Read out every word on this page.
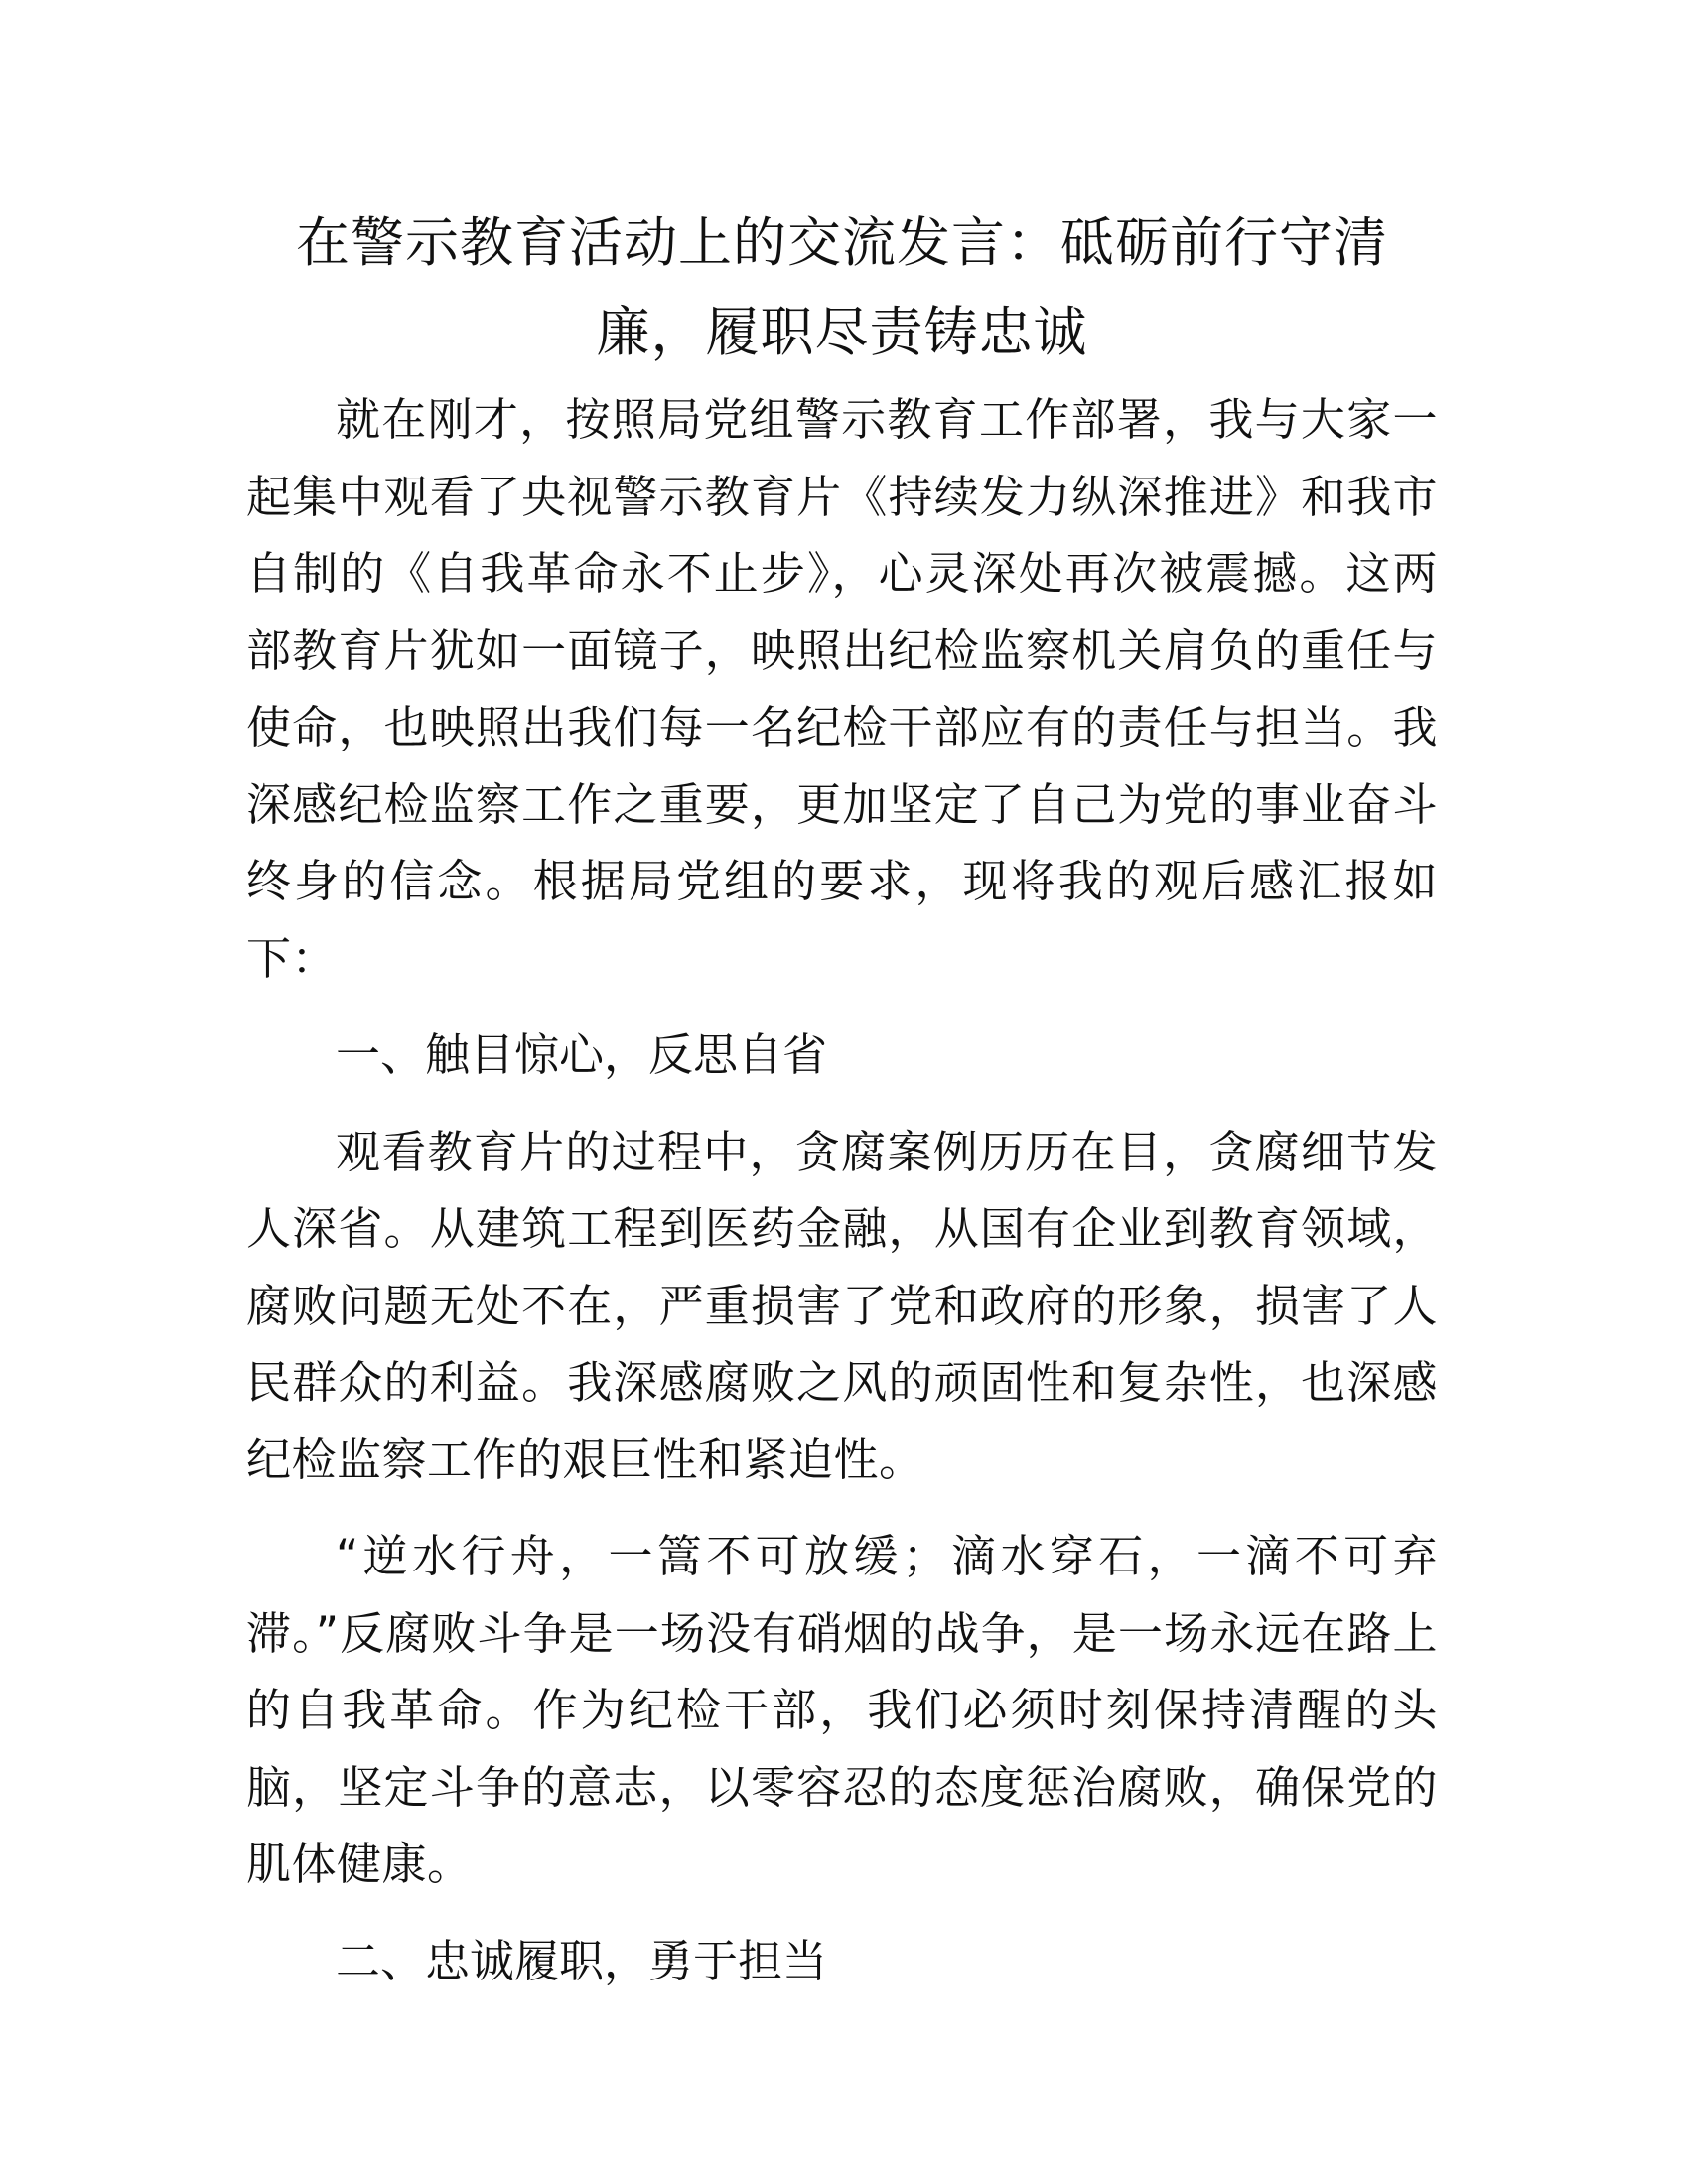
在警示教育活动上的交流发言：砥砺前行守清廉，履职尽责铸忠诚

就在刚才，按照局党组警示教育工作部署，我与大家一起集中观看了央视警示教育片《持续发力纵深推进》和我市自制的《自我革命永不止步》，心灵深处再次被震撼。这两部教育片犹如一面镜子，映照出纪检监察机关肩负的重任与使命，也映照出我们每一名纪检干部应有的责任与担当。我深感纪检监察工作之重要，更加坚定了自己为党的事业奋斗终身的信念。根据局党组的要求，现将我的观后感汇报如下：

一、触目惊心，反思自省

观看教育片的过程中，贪腐案例历历在目，贪腐细节发人深省。从建筑工程到医药金融，从国有企业到教育领域，腐败问题无处不在，严重损害了党和政府的形象，损害了人民群众的利益。我深感腐败之风的顽固性和复杂性，也深感纪检监察工作的艰巨性和紧迫性。

“逆水行舟，一篙不可放缓；滴水穿石，一滴不可弃滞。”反腐败斗争是一场没有硝烟的战争，是一场永远在路上的自我革命。作为纪检干部，我们必须时刻保持清醒的头脑，坚定斗争的意志，以零容忍的态度惩治腐败，确保党的肌体健康。

二、忠诚履职，勇于担当
